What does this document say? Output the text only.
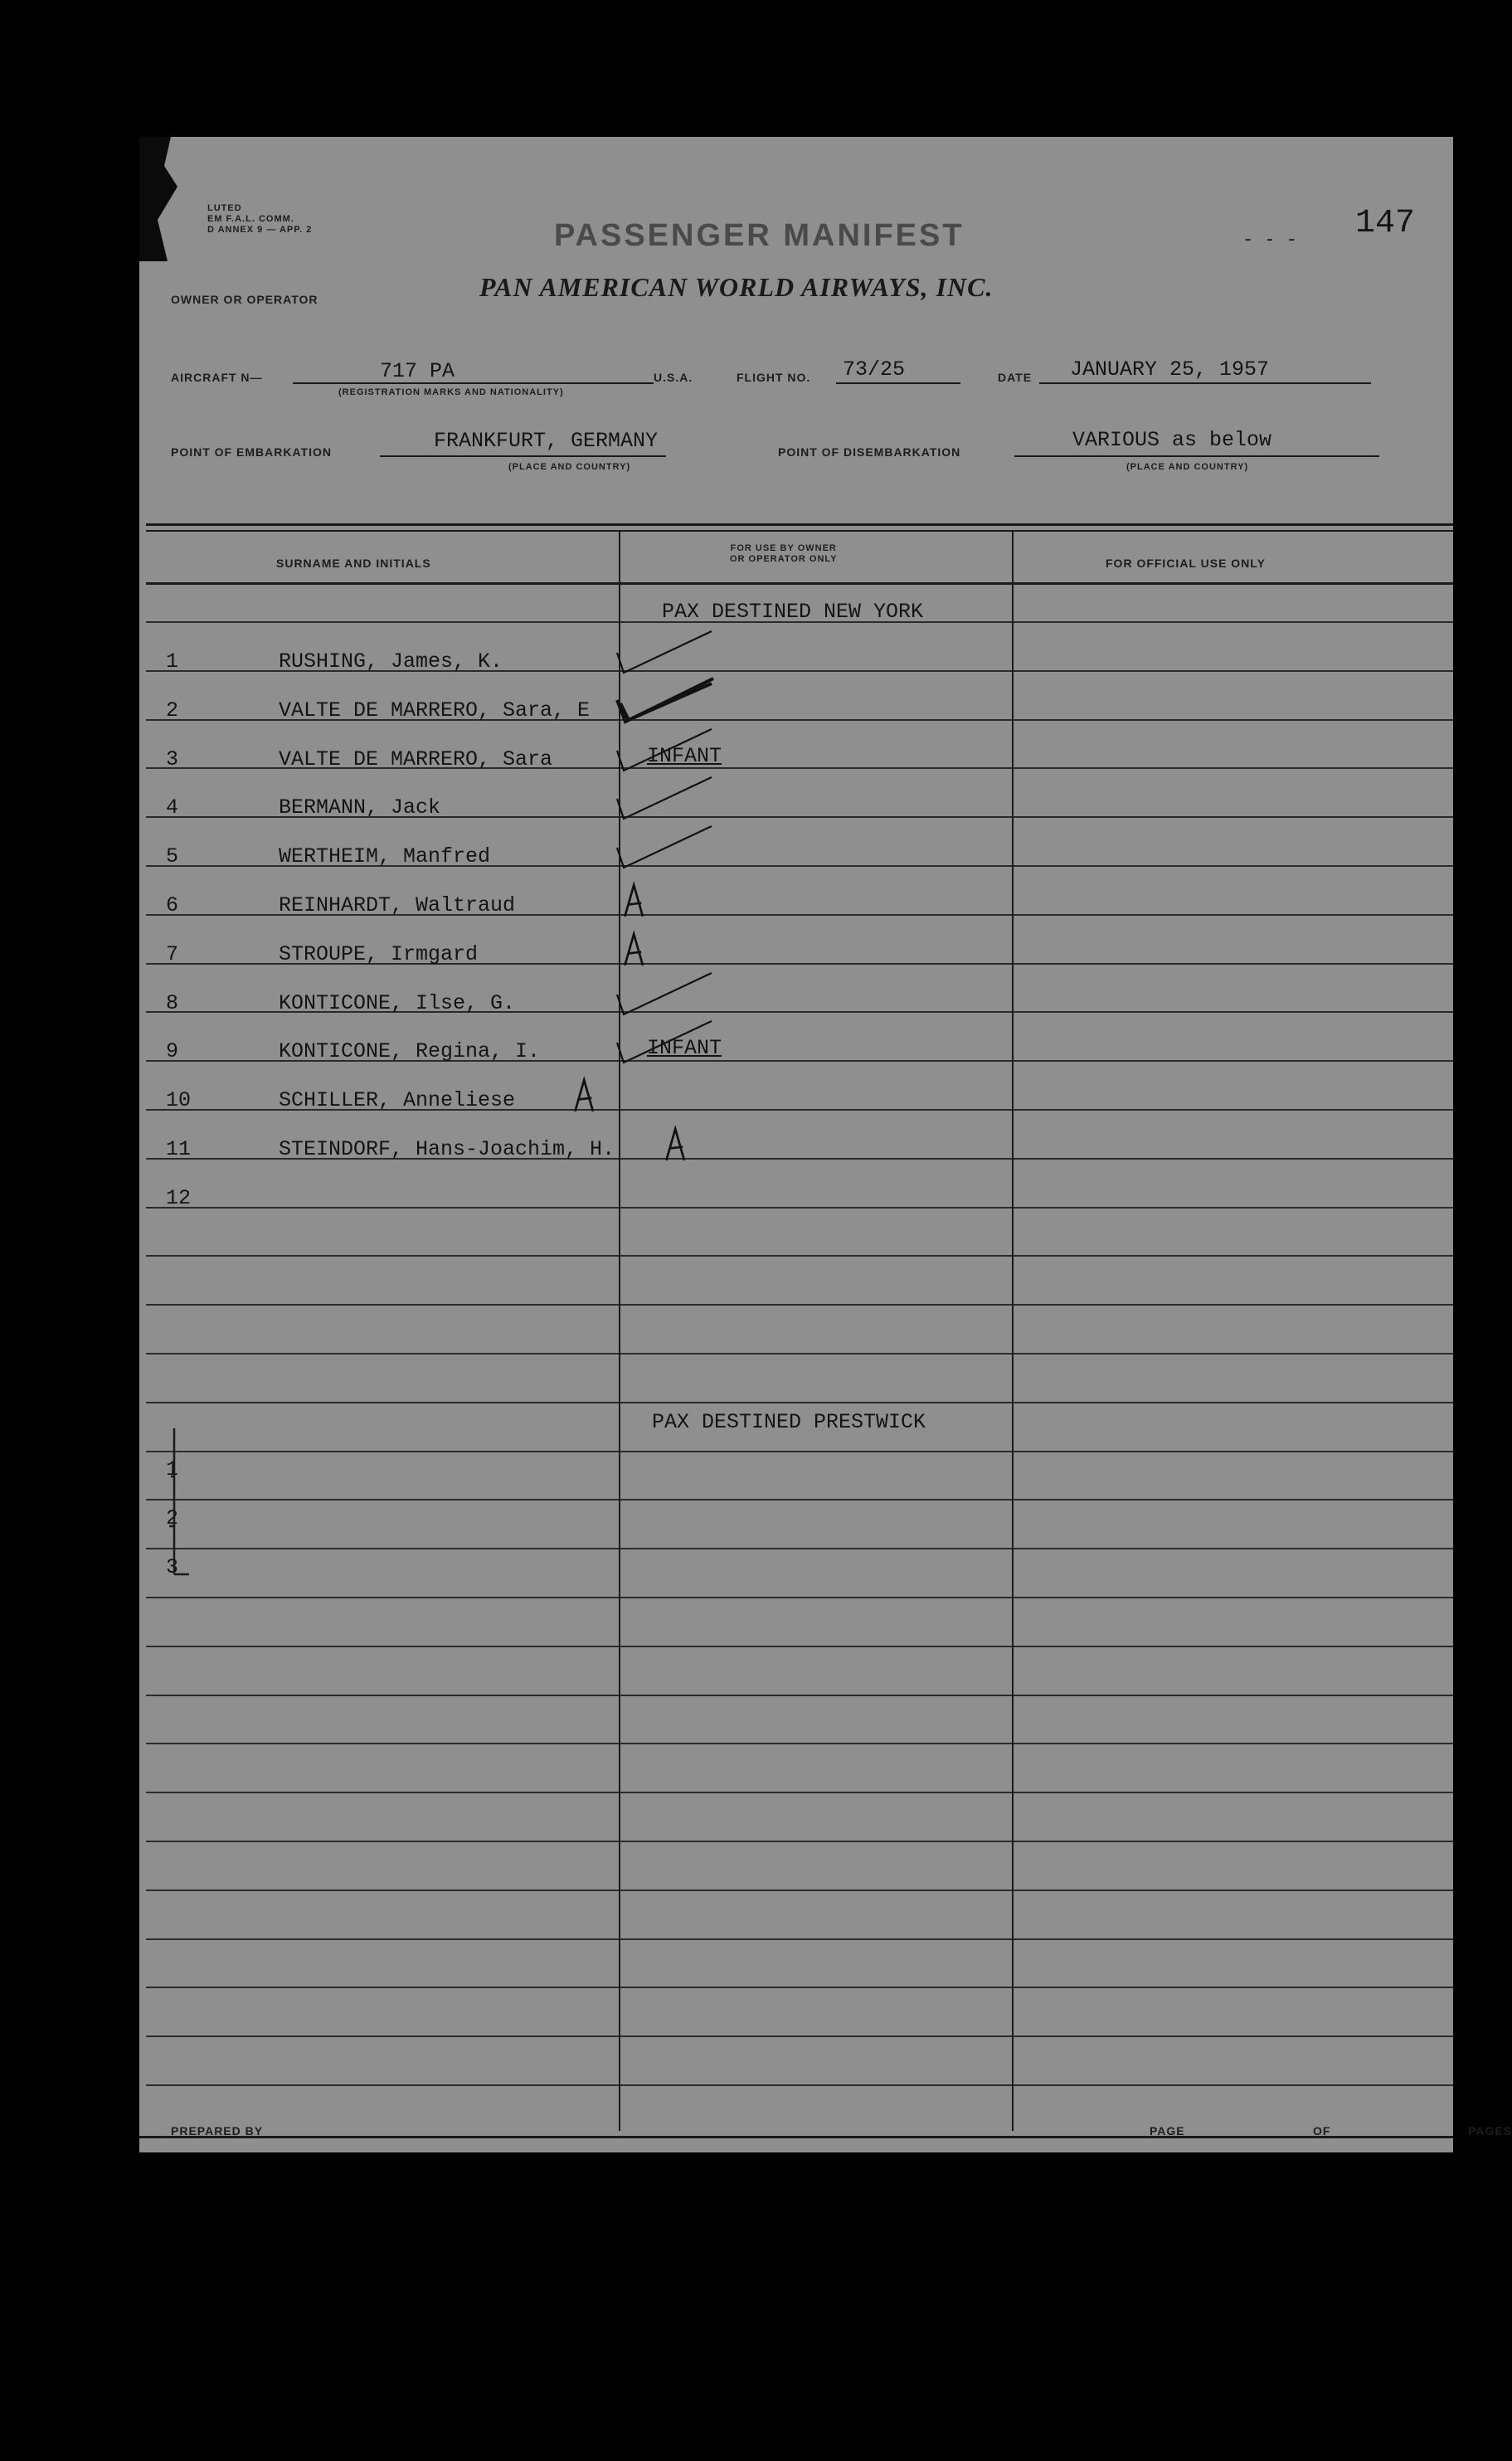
LUTED
EM F.A.L. COMM.
D ANNEX 9 — APP. 2	PASSENGER MANIFEST	- - - 147
OWNER OR OPERATOR	PAN AMERICAN WORLD AIRWAYS, INC.
AIRCRAFT N—	717 PA
(REGISTRATION MARKS AND NATIONALITY)
U.S.A.	FLIGHT NO. 73/25	DATE JANUARY 25, 1957
POINT OF EMBARKATION	FRANKFURT, GERMANY
(PLACE AND COUNTRY)
POINT OF DISEMBARKATION	VARIOUS as below
(PLACE AND COUNTRY)
SURNAME AND INITIALS
FOR USE BY OWNER
OR OPERATOR ONLY	FOR OFFICIAL USE ONLY
PAX DESTINED NEW YORK
1	RUSHING, James, K.
2	VALTE DE MARRERO, Sara, E
3	VALTE DE MARRERO, Sara	INFANT
4	BERMANN, Jack
5	WERTHEIM, Manfred
6	REINHARDT, Waltraud
7	STROUPE, Irmgard
8	KONTICONE, Ilse, G.
9	KONTICONE, Regina, I.	INFANT
10	SCHILLER, Anneliese
11	STEINDORF, Hans-Joachim, H.
12
PAX DESTINED PRESTWICK
1
2
3
PREPARED BY	PAGE	OF	PAGES
